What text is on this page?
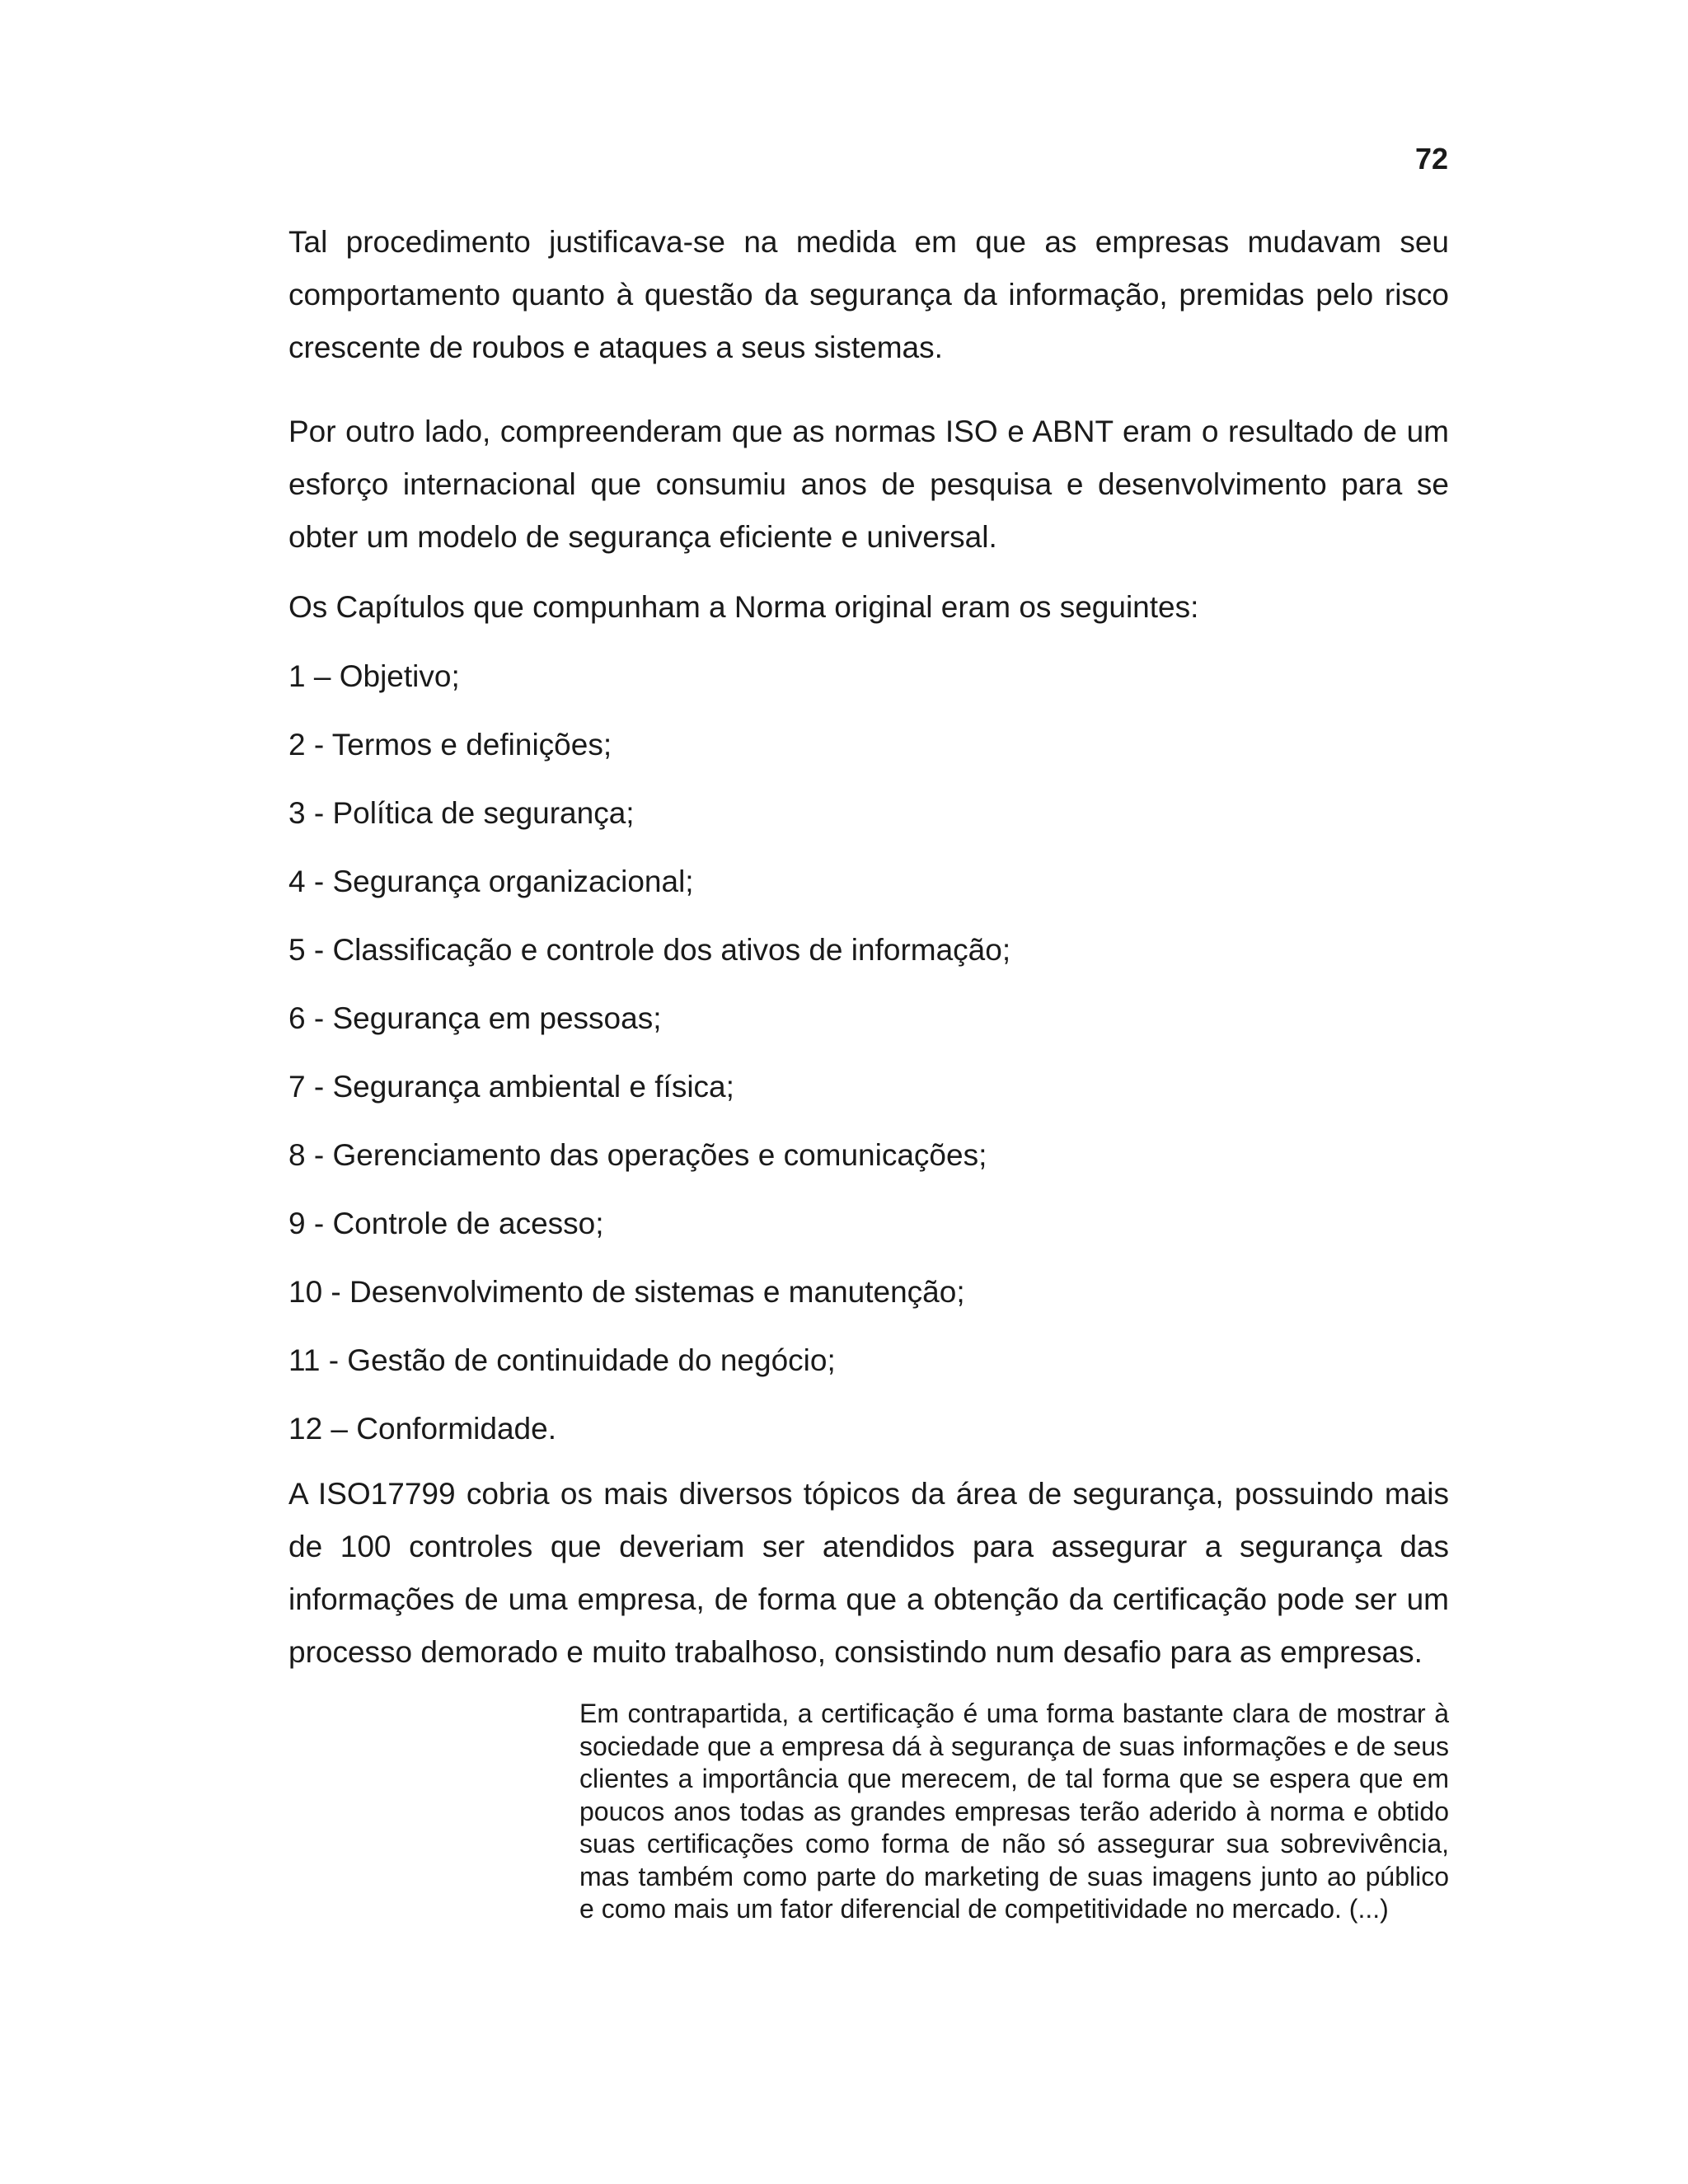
72

Tal procedimento justificava-se na medida em que as empresas mudavam seu comportamento quanto à questão da segurança da informação, premidas pelo risco crescente de roubos e ataques a seus sistemas.

Por outro lado, compreenderam que as normas ISO e ABNT eram o resultado de um esforço internacional que consumiu anos de pesquisa e desenvolvimento para se obter um modelo de segurança eficiente e universal.

Os Capítulos que compunham a Norma original eram os seguintes:

1 – Objetivo;
2 - Termos e definições;
3 - Política de segurança;
4 - Segurança organizacional;
5 - Classificação e controle dos ativos de informação;
6 - Segurança em pessoas;
7 - Segurança ambiental e física;
8 - Gerenciamento das operações e comunicações;
9 - Controle de acesso;
10 - Desenvolvimento de sistemas e manutenção;
11 - Gestão de continuidade do negócio;
12 – Conformidade.

A ISO17799 cobria os mais diversos tópicos da área de segurança, possuindo mais de 100 controles que deveriam ser atendidos para assegurar a segurança das informações de uma empresa, de forma que a obtenção da certificação pode ser um processo demorado e muito trabalhoso, consistindo num desafio para as empresas.

Em contrapartida, a certificação é uma forma bastante clara de mostrar à sociedade que a empresa dá à segurança de suas informações e de seus clientes a importância que merecem, de tal forma que se espera que em poucos anos todas as grandes empresas terão aderido à norma e obtido suas certificações como forma de não só assegurar sua sobrevivência, mas também como parte do marketing de suas imagens junto ao público e como mais um fator diferencial de competitividade no mercado. (...)
